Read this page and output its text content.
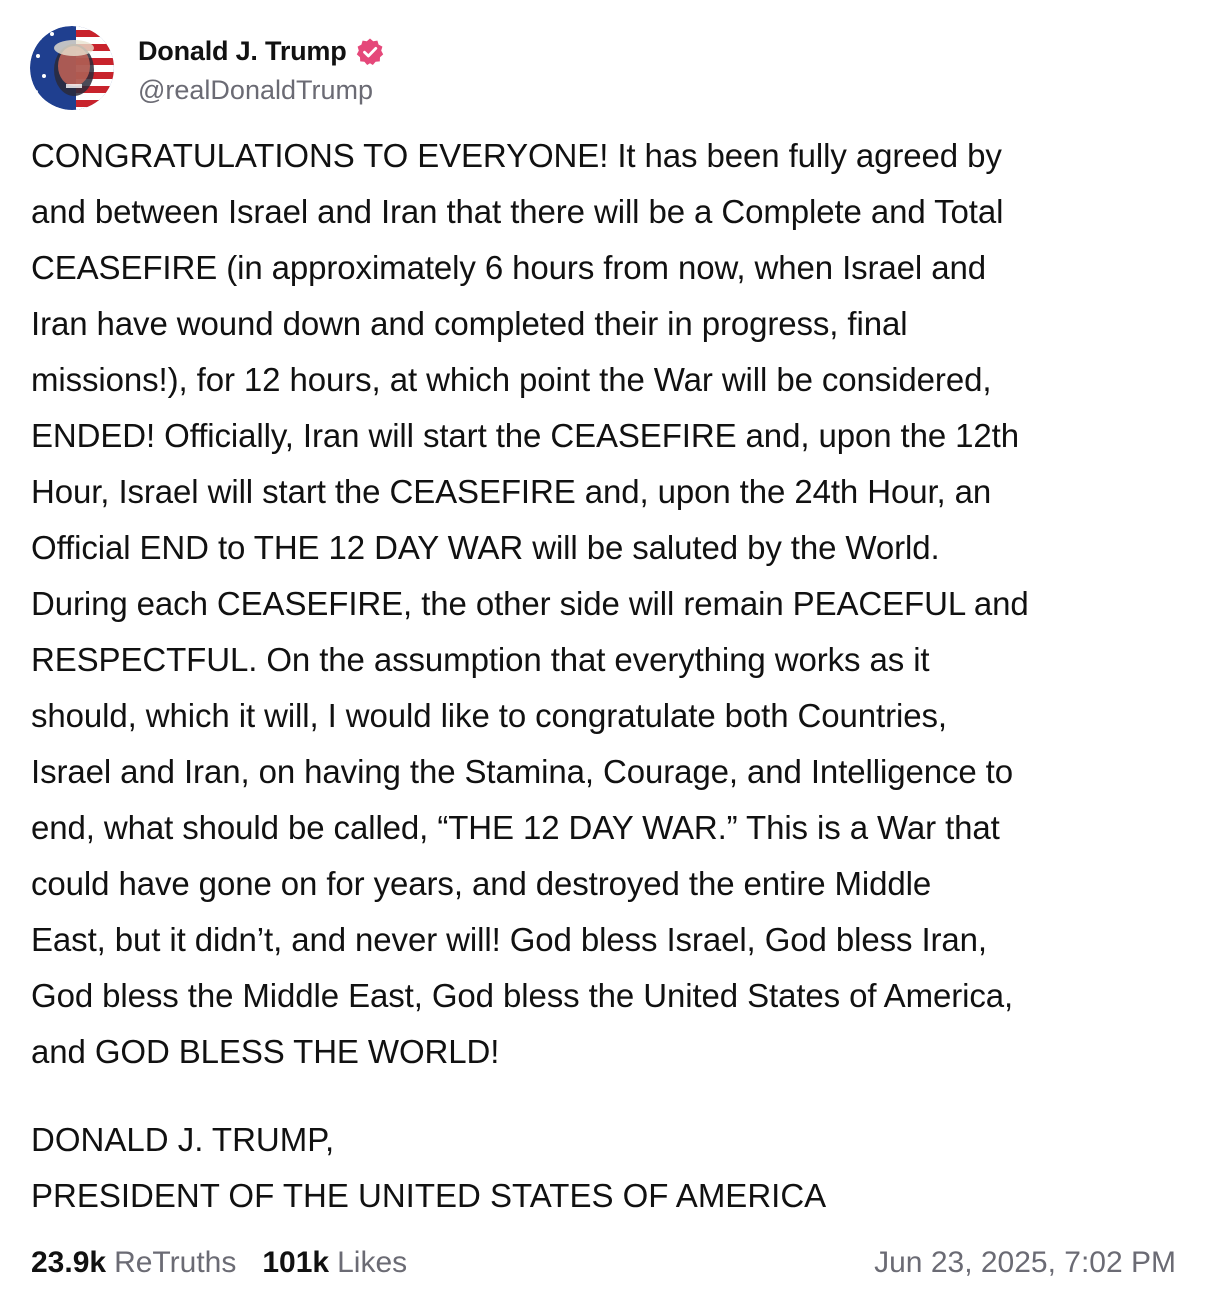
Donald J. Trump
@realDonaldTrump
CONGRATULATIONS TO EVERYONE! It has been fully agreed by
and between Israel and Iran that there will be a Complete and Total
CEASEFIRE (in approximately 6 hours from now, when Israel and
Iran have wound down and completed their in progress, final
missions!), for 12 hours, at which point the War will be considered,
ENDED! Officially, Iran will start the CEASEFIRE and, upon the 12th
Hour, Israel will start the CEASEFIRE and, upon the 24th Hour, an
Official END to THE 12 DAY WAR will be saluted by the World.
During each CEASEFIRE, the other side will remain PEACEFUL and
RESPECTFUL. On the assumption that everything works as it
should, which it will, I would like to congratulate both Countries,
Israel and Iran, on having the Stamina, Courage, and Intelligence to
end, what should be called, “THE 12 DAY WAR.” This is a War that
could have gone on for years, and destroyed the entire Middle
East, but it didn’t, and never will! God bless Israel, God bless Iran,
God bless the Middle East, God bless the United States of America,
and GOD BLESS THE WORLD!
DONALD J. TRUMP,
PRESIDENT OF THE UNITED STATES OF AMERICA
23.9k ReTruths 101k Likes	Jun 23, 2025, 7:02 PM
